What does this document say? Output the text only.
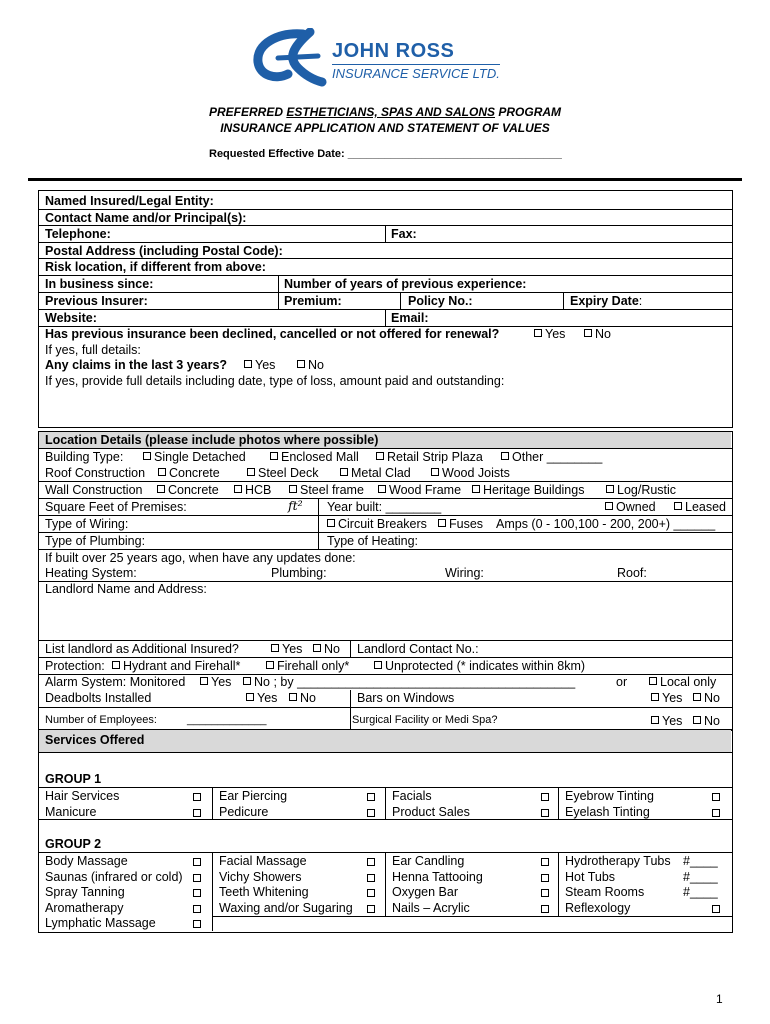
JOHN ROSS
INSURANCE SERVICE LTD.
PREFERRED ESTHETICIANS, SPAS AND SALONS PROGRAM
INSURANCE APPLICATION AND STATEMENT OF VALUES
Requested Effective Date: ___________________________________
Named Insured/Legal Entity:
Contact Name and/or Principal(s):
Telephone:	Fax:
Postal Address (including Postal Code):
Risk location, if different from above:
In business since:	Number of years of previous experience:
Previous Insurer:	Premium:	Policy No.:	Expiry Date:
Website:	Email:
Has previous insurance been declined, cancelled or not offered for renewal?	Yes	No
If yes, full details:
Any claims in the last 3 years?	Yes	No
If yes, provide full details including date, type of loss, amount paid and outstanding:
Location Details (please include photos where possible)
Building Type:	Single Detached	Enclosed Mall	Retail Strip Plaza	Other ________
Roof Construction	Concrete	Steel Deck	Metal Clad	Wood Joists
Wall Construction	Concrete	HCB	Steel frame	Wood Frame	Heritage Buildings	Log/Rustic
Square Feet of Premises:	ft² Year built: ________	Owned	Leased
Type of Wiring:	Circuit Breakers	Fuses Amps (0 - 100,100 - 200, 200+) ______
Type of Plumbing:	Type of Heating:
If built over 25 years ago, when have any updates done:
Heating System:	Plumbing:	Wiring:	Roof:
Landlord Name and Address:
List landlord as Additional Insured?	Yes	No Landlord Contact No.:
Protection:	Hydrant and Firehall*	Firehall only*	Unprotected (* indicates within 8km)
Alarm System: Monitored	Yes	No ; by ________________________________________	or	Local only
Deadbolts Installed	Yes	No	Bars on Windows	Yes	No
Number of Employees:	_____________	Surgical Facility or Medi Spa?	Yes	No
Services Offered
GROUP 1
Hair Services	Ear Piercing	Facials	Eyebrow Tinting
Manicure	Pedicure	Product Sales	Eyelash Tinting
GROUP 2
Body Massage	Facial Massage	Ear Candling	Hydrotherapy Tubs #____
Saunas (infrared or cold)	Vichy Showers	Henna Tattooing	Hot Tubs	#____
Spray Tanning	Teeth Whitening	Oxygen Bar	Steam Rooms	#____
Aromatherapy	Waxing and/or Sugaring	Nails – Acrylic	Reflexology
Lymphatic Massage
1
